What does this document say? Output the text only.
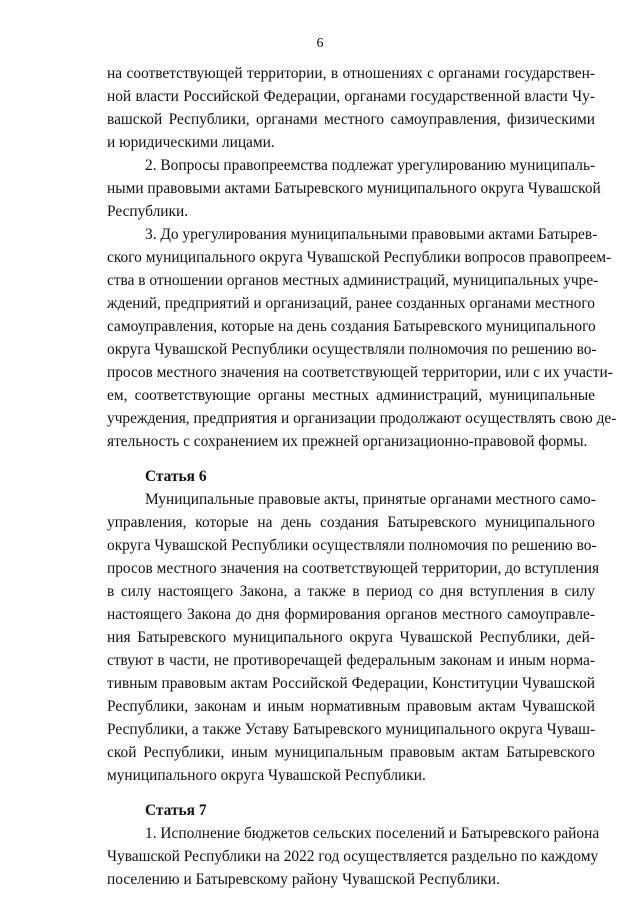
6

на соответствующей территории, в отношениях с органами государствен-
ной власти Российской Федерации, органами государственной власти Чу-
вашской Республики, органами местного самоуправления, физическими
и юридическими лицами.

2. Вопросы правопреемства подлежат урегулированию муниципаль-
ными правовыми актами Батыревского муниципального округа Чувашской
Республики.

3. До урегулирования муниципальными правовыми актами Батырев-
ского муниципального округа Чувашской Республики вопросов правопреем-
ства в отношении органов местных администраций, муниципальных учре-
ждений, предприятий и организаций, ранее созданных органами местного
самоуправления, которые на день создания Батыревского муниципального
округа Чувашской Республики осуществляли полномочия по решению во-
просов местного значения на соответствующей территории, или с их участи-
ем, соответствующие органы местных администраций, муниципальные
учреждения, предприятия и организации продолжают осуществлять свою де-
ятельность с сохранением их прежней организационно-правовой формы.

Статья 6

Муниципальные правовые акты, принятые органами местного само-
управления, которые на день создания Батыревского муниципального
округа Чувашской Республики осуществляли полномочия по решению во-
просов местного значения на соответствующей территории, до вступления
в силу настоящего Закона, а также в период со дня вступления в силу
настоящего Закона до дня формирования органов местного самоуправле-
ния Батыревского муниципального округа Чувашской Республики, дей-
ствуют в части, не противоречащей федеральным законам и иным норма-
тивным правовым актам Российской Федерации, Конституции Чувашской
Республики, законам и иным нормативным правовым актам Чувашской
Республики, а также Уставу Батыревского муниципального округа Чуваш-
ской Республики, иным муниципальным правовым актам Батыревского
муниципального округа Чувашской Республики.

Статья 7

1. Исполнение бюджетов сельских поселений и Батыревского района
Чувашской Республики на 2022 год осуществляется раздельно по каждому
поселению и Батыревскому району Чувашской Республики.
